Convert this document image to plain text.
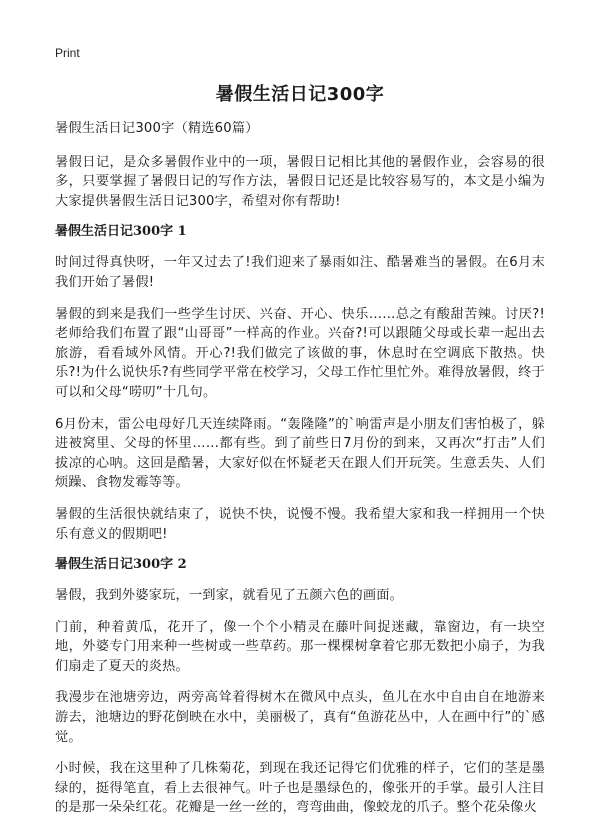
Print
暑假生活日记300字

暑假生活日记300字（精选60篇）

暑假日记，是众多暑假作业中的一项，暑假日记相比其他的暑假作业，会容易的很多，只要掌握了暑假日记的写作方法，暑假日记还是比较容易写的，本文是小编为大家提供暑假生活日记300字，希望对你有帮助!

暑假生活日记300字 1

时间过得真快呀，一年又过去了!我们迎来了暴雨如注、酷暑难当的暑假。在6月末我们开始了暑假!

暑假的到来是我们一些学生讨厌、兴奋、开心、快乐……总之有酸甜苦辣。讨厌?!老师给我们布置了跟“山哥哥”一样高的作业。兴奋?!可以跟随父母或长辈一起出去旅游，看看域外风情。开心?!我们做完了该做的事，休息时在空调底下散热。快乐?!为什么说快乐?有些同学平常在校学习，父母工作忙里忙外。难得放暑假，终于可以和父母“唠叨”十几句。

6月份末，雷公电母好几天连续降雨。“轰隆隆”的`响雷声是小朋友们害怕极了，躲进被窝里、父母的怀里……都有些。到了前些日7月份的到来，又再次“打击”人们拔凉的心呐。这回是酷暑，大家好似在怀疑老天在跟人们开玩笑。生意丢失、人们烦躁、食物发霉等等。

暑假的生活很快就结束了，说快不快，说慢不慢。我希望大家和我一样拥用一个快乐有意义的假期吧!

暑假生活日记300字 2

暑假，我到外婆家玩，一到家，就看见了五颜六色的画面。

门前，种着黄瓜，花开了，像一个个小精灵在藤叶间捉迷藏，靠窗边，有一块空地，外婆专门用来种一些树或一些草药。那一棵棵树拿着它那无数把小扇子，为我们扇走了夏天的炎热。

我漫步在池塘旁边，两旁高耸着得树木在微风中点头，鱼儿在水中自由自在地游来游去，池塘边的野花倒映在水中，美丽极了，真有“鱼游花丛中，人在画中行”的`感觉。

小时候，我在这里种了几株菊花，到现在我还记得它们优雅的样子，它们的茎是墨绿的，挺得笔直，看上去很神气。叶子也是墨绿色的，像张开的手掌。最引人注目的是那一朵朵红花。花瓣是一丝一丝的，弯弯曲曲，像蛟龙的爪子。整个花朵像火
